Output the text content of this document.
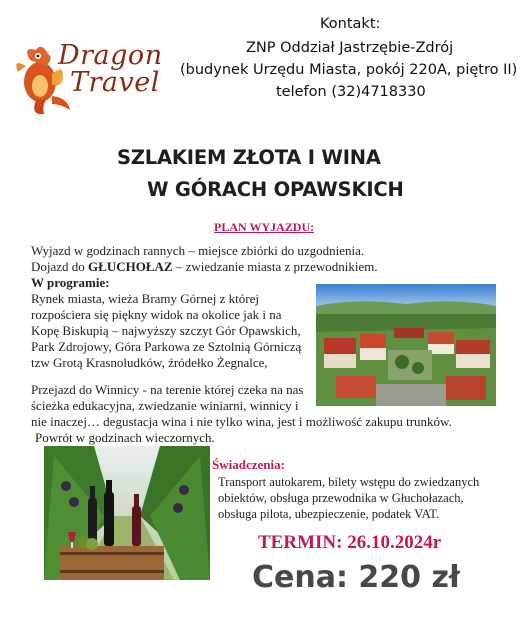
Dragon
Travel
Kontakt:
ZNP Oddział Jastrzębie-Zdrój
(budynek Urzędu Miasta, pokój 220A, piętro II)
telefon (32)4718330
SZLAKIEM ZŁOTA I WINA
W GÓRACH OPAWSKICH
PLAN WYJAZDU:
Wyjazd w godzinach rannych – miejsce zbiórki do uzgodnienia.
Dojazd do GŁUCHOŁAZ – zwiedzanie miasta z przewodnikiem.
W programie:
Rynek miasta, wieża Bramy Górnej z której
rozpościera się piękny widok na okolice jak i na
Kopę Biskupią – najwyższy szczyt Gór Opawskich,
Park Zdrojowy, Góra Parkowa ze Sztolnią Górniczą
tzw Grotą Krasnoludków, źródełko Żegnalce,
Przejazd do Winnicy - na terenie której czeka na nas
ścieżka edukacyjna, zwiedzanie winiarni, winnicy i
nie inaczej… degustacja wina i nie tylko wina, jest i możliwość zakupu trunków.
Powrót w godzinach wieczornych.
Świadczenia:
Transport autokarem, bilety wstępu do zwiedzanych
obiektów, obsługa przewodnika w Głuchołazach,
obsługa pilota, ubezpieczenie, podatek VAT.
TERMIN: 26.10.2024r
Cena: 220 zł
